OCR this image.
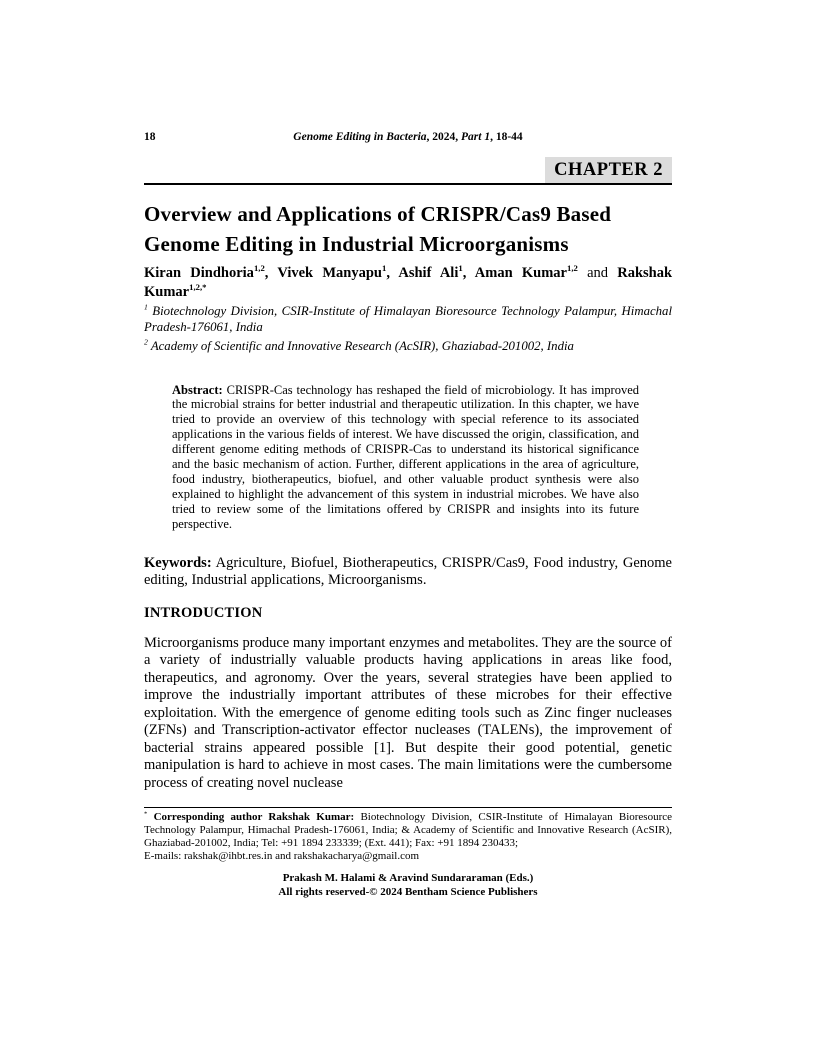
18	Genome Editing in Bacteria, 2024, Part 1, 18-44
CHAPTER 2
Overview and Applications of CRISPR/Cas9 Based
Genome Editing in Industrial Microorganisms

Kiran Dindhoria$^{1,2}$, Vivek Manyapu$^1$, Ashif Ali$^1$, Aman Kumar$^{1,2}$ and Rakshak Kumar$^{1,2,*}$

$^1$ Biotechnology Division, CSIR-Institute of Himalayan Bioresource Technology Palampur, Himachal Pradesh-176061, India

$^2$ Academy of Scientific and Innovative Research (AcSIR), Ghaziabad-201002, India

Abstract: CRISPR-Cas technology has reshaped the field of microbiology. It has improved the microbial strains for better industrial and therapeutic utilization. In this chapter, we have tried to provide an overview of this technology with special reference to its associated applications in the various fields of interest. We have discussed the origin, classification, and different genome editing methods of CRISPR-Cas to understand its historical significance and the basic mechanism of action. Further, different applications in the area of agriculture, food industry, biotherapeutics, biofuel, and other valuable product synthesis were also explained to highlight the advancement of this system in industrial microbes. We have also tried to review some of the limitations offered by CRISPR and insights into its future perspective.

Keywords: Agriculture, Biofuel, Biotherapeutics, CRISPR/Cas9, Food industry, Genome editing, Industrial applications, Microorganisms.

INTRODUCTION

Microorganisms produce many important enzymes and metabolites. They are the source of a variety of industrially valuable products having applications in areas like food, therapeutics, and agronomy. Over the years, several strategies have been applied to improve the industrially important attributes of these microbes for their effective exploitation. With the emergence of genome editing tools such as Zinc finger nucleases (ZFNs) and Transcription-activator effector nucleases (TALENs), the improvement of bacterial strains appeared possible [1]. But despite their good potential, genetic manipulation is hard to achieve in most cases. The main limitations were the cumbersome process of creating novel nuclease

* Corresponding author Rakshak Kumar: Biotechnology Division, CSIR-Institute of Himalayan Bioresource Technology Palampur, Himachal Pradesh-176061, India; & Academy of Scientific and Innovative Research (AcSIR), Ghaziabad-201002, India; Tel: +91 1894 233339; (Ext. 441); Fax: +91 1894 230433;

E-mails: rakshak@ihbt.res.in and rakshakacharya@gmail.com

Prakash M. Halami & Aravind Sundararaman (Eds.)
All rights reserved-© 2024 Bentham Science Publishers
